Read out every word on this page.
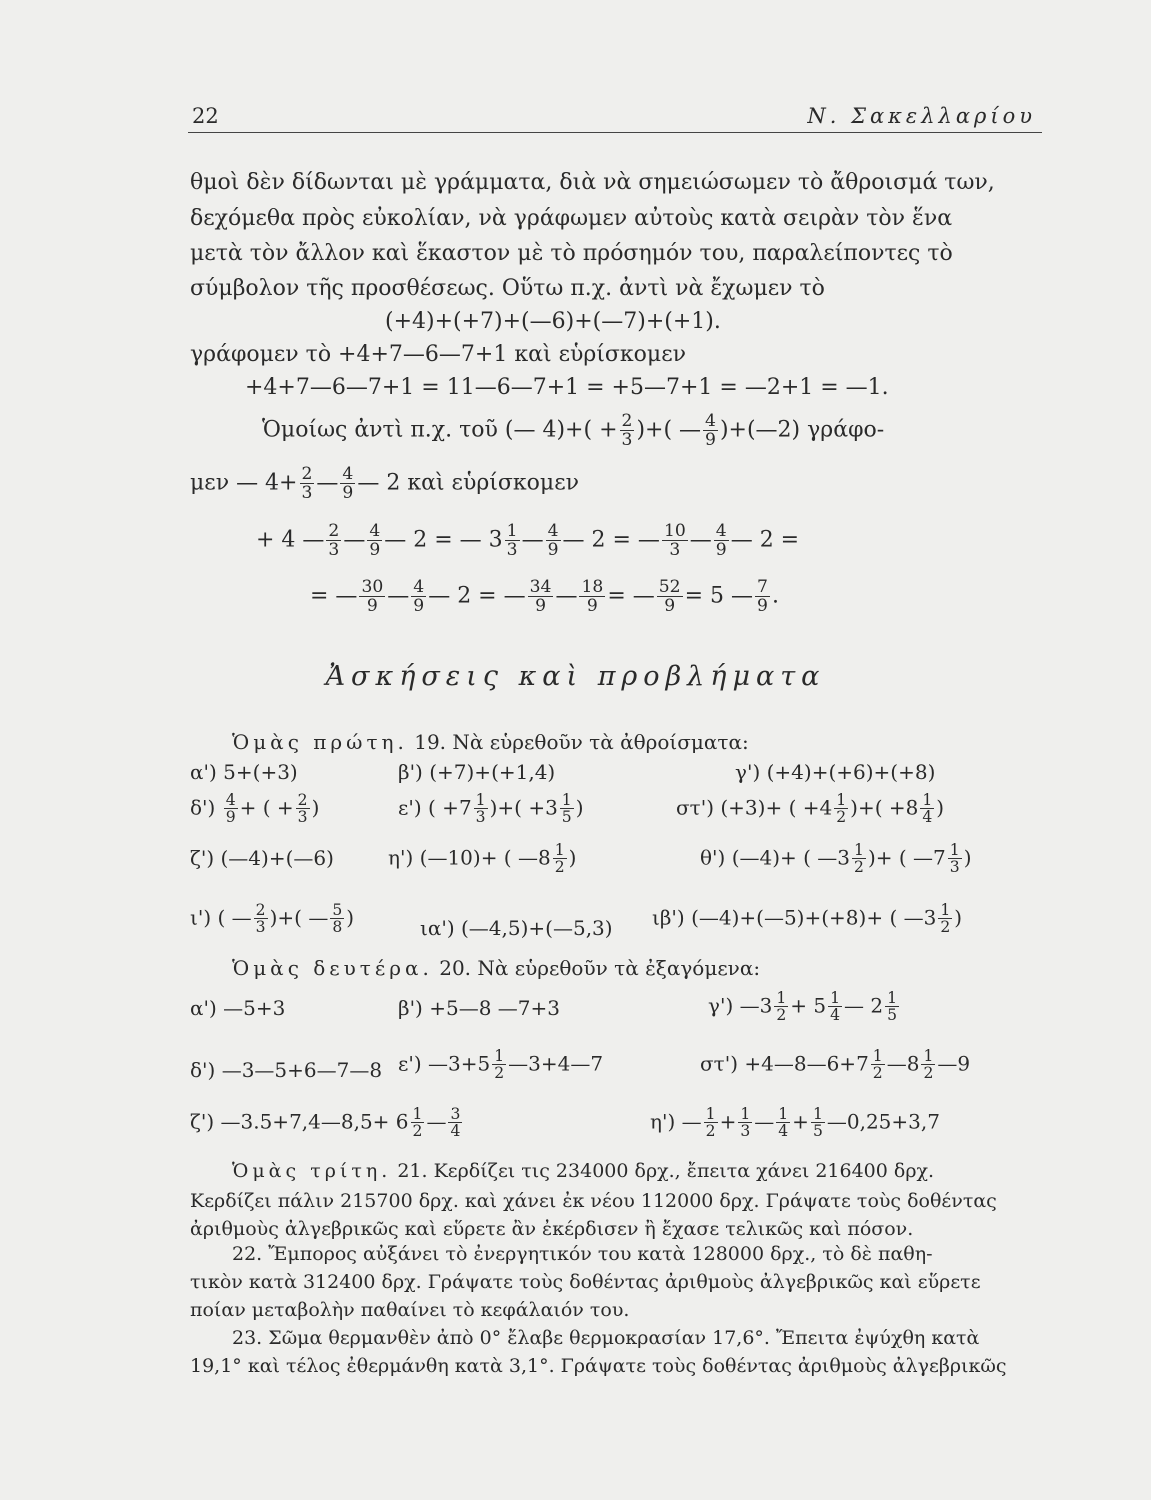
22	Ν. Σακελλαρίου
θμοὶ δὲν δίδωνται μὲ γράμματα, διὰ νὰ σημειώσωμεν τὸ ἄθροισμά των,
δεχόμεθα πρὸς εὐκολίαν, νὰ γράφωμεν αὐτοὺς κατὰ σειρὰν τὸν ἕνα
μετὰ τὸν ἄλλον καὶ ἕκαστον μὲ τὸ πρόσημόν του, παραλείποντες τὸ
σύμβολον τῆς προσθέσεως. Οὕτω π.χ. ἀντὶ νὰ ἔχωμεν τὸ
(+4)+(+7)+(—6)+(—7)+(+1).
γράφομεν τὸ +4+7—6—7+1 καὶ εὑρίσκομεν
+4+7—6—7+1 = 11—6—7+1 = +5—7+1 = —2+1 = —1.
Ὁμοίως ἀντὶ π.χ. τοῦ (— $4)+( + \frac{2}{3}$ )+( — $\frac{4}{9}$ )+(—2) γράφο-
μεν — $4+ \frac{2}{3}$ — $\frac{4}{9}$ — 2 καὶ εὑρίσκομεν
+ 4 — $\frac{2}{3}$ — $\frac{4}{9}$ — 2 = — $3 \frac{1}{3}$ — $\frac{4}{9}$ — 2 = — $\frac{10}{3}$ — $\frac{4}{9}$ — 2 =
= — $\frac{30}{9}$ — $\frac{4}{9}$ — 2 = — $\frac{34}{9}$ — $\frac{18}{9}$ = — $\frac{52}{9} = 5$ — $\frac{7}{9}$ .
Ἀσκήσεις καὶ προβλήματα
Ὁμὰς πρώτη. 19. Νὰ εὑρεθοῦν τὰ ἀθροίσματα:
α') 5+(+3)	β') (+7)+(+1,4)	γ') (+4)+(+6)+(+8)
$\delta') \frac{4}{9}$ + ( + $\frac{2}{3}$ )	ε') ( $+7 \frac{1}{3}$ )+( $+3 \frac{1}{5}$ )	στ') (+3)+ ( $+4 \frac{1}{2}$ )+( $+8 \frac{1}{4}$ )
ζ') (—4)+(—6)	η') (—10)+ ( —8 $\frac{1}{2}$ )	θ') (—4)+ ( —3 $\frac{1}{2}$ )+ ( —7 $\frac{1}{3}$ )
ι') ( — $\frac{2}{3}$ )+( — $\frac{5}{8}$ )	ια') (—4,5)+(—5,3) ιβ') (—4)+(—5)+(+8)+ ( —3 $\frac{1}{2}$ )
Ὁμὰς δευτέρα. 20. Νὰ εὑρεθοῦν τὰ ἐξαγόμενα:
α') —5+3	β') +5—8 —7+3	γ') —3 $\frac{1}{2} + 5 \frac{1}{4}$ — $2 \frac{1}{5}$
δ') —3—5+6—7—8 ε') —3+5 $\frac{1}{2}$ —3+4—7	στ') +4—8—6+7 $\frac{1}{2}$ —8 $\frac{1}{2}$ —9
ζ') —3.5+7,4—8,5+ $6 \frac{1}{2}$ — $\frac{3}{4}$	η') — $\frac{1}{2} + \frac{1}{3}$ — $\frac{1}{4} + \frac{1}{5}$ —0,25+3,7
Ὁμὰς τρίτη. 21. Κερδίζει τις 234000 δρχ., ἔπειτα χάνει 216400 δρχ.
Κερδίζει πάλιν 215700 δρχ. καὶ χάνει ἐκ νέου 112000 δρχ. Γράψατε τοὺς δοθέντας
ἀριθμοὺς ἀλγεβρικῶς καὶ εὕρετε ἂν ἐκέρδισεν ἢ ἔχασε τελικῶς καὶ πόσον.
22. Ἔμπορος αὐξάνει τὸ ἐνεργητικόν του κατὰ 128000 δρχ., τὸ δὲ παθη-
τικὸν κατὰ 312400 δρχ. Γράψατε τοὺς δοθέντας ἀριθμοὺς ἀλγεβρικῶς καὶ εὕρετε
ποίαν μεταβολὴν παθαίνει τὸ κεφάλαιόν του.
23. Σῶμα θερμανθὲν ἀπὸ 0° ἔλαβε θερμοκρασίαν 17,6°. Ἔπειτα ἐψύχθη κατὰ
19,1° καὶ τέλος ἐθερμάνθη κατὰ 3,1°. Γράψατε τοὺς δοθέντας ἀριθμοὺς ἀλγεβρικῶς
